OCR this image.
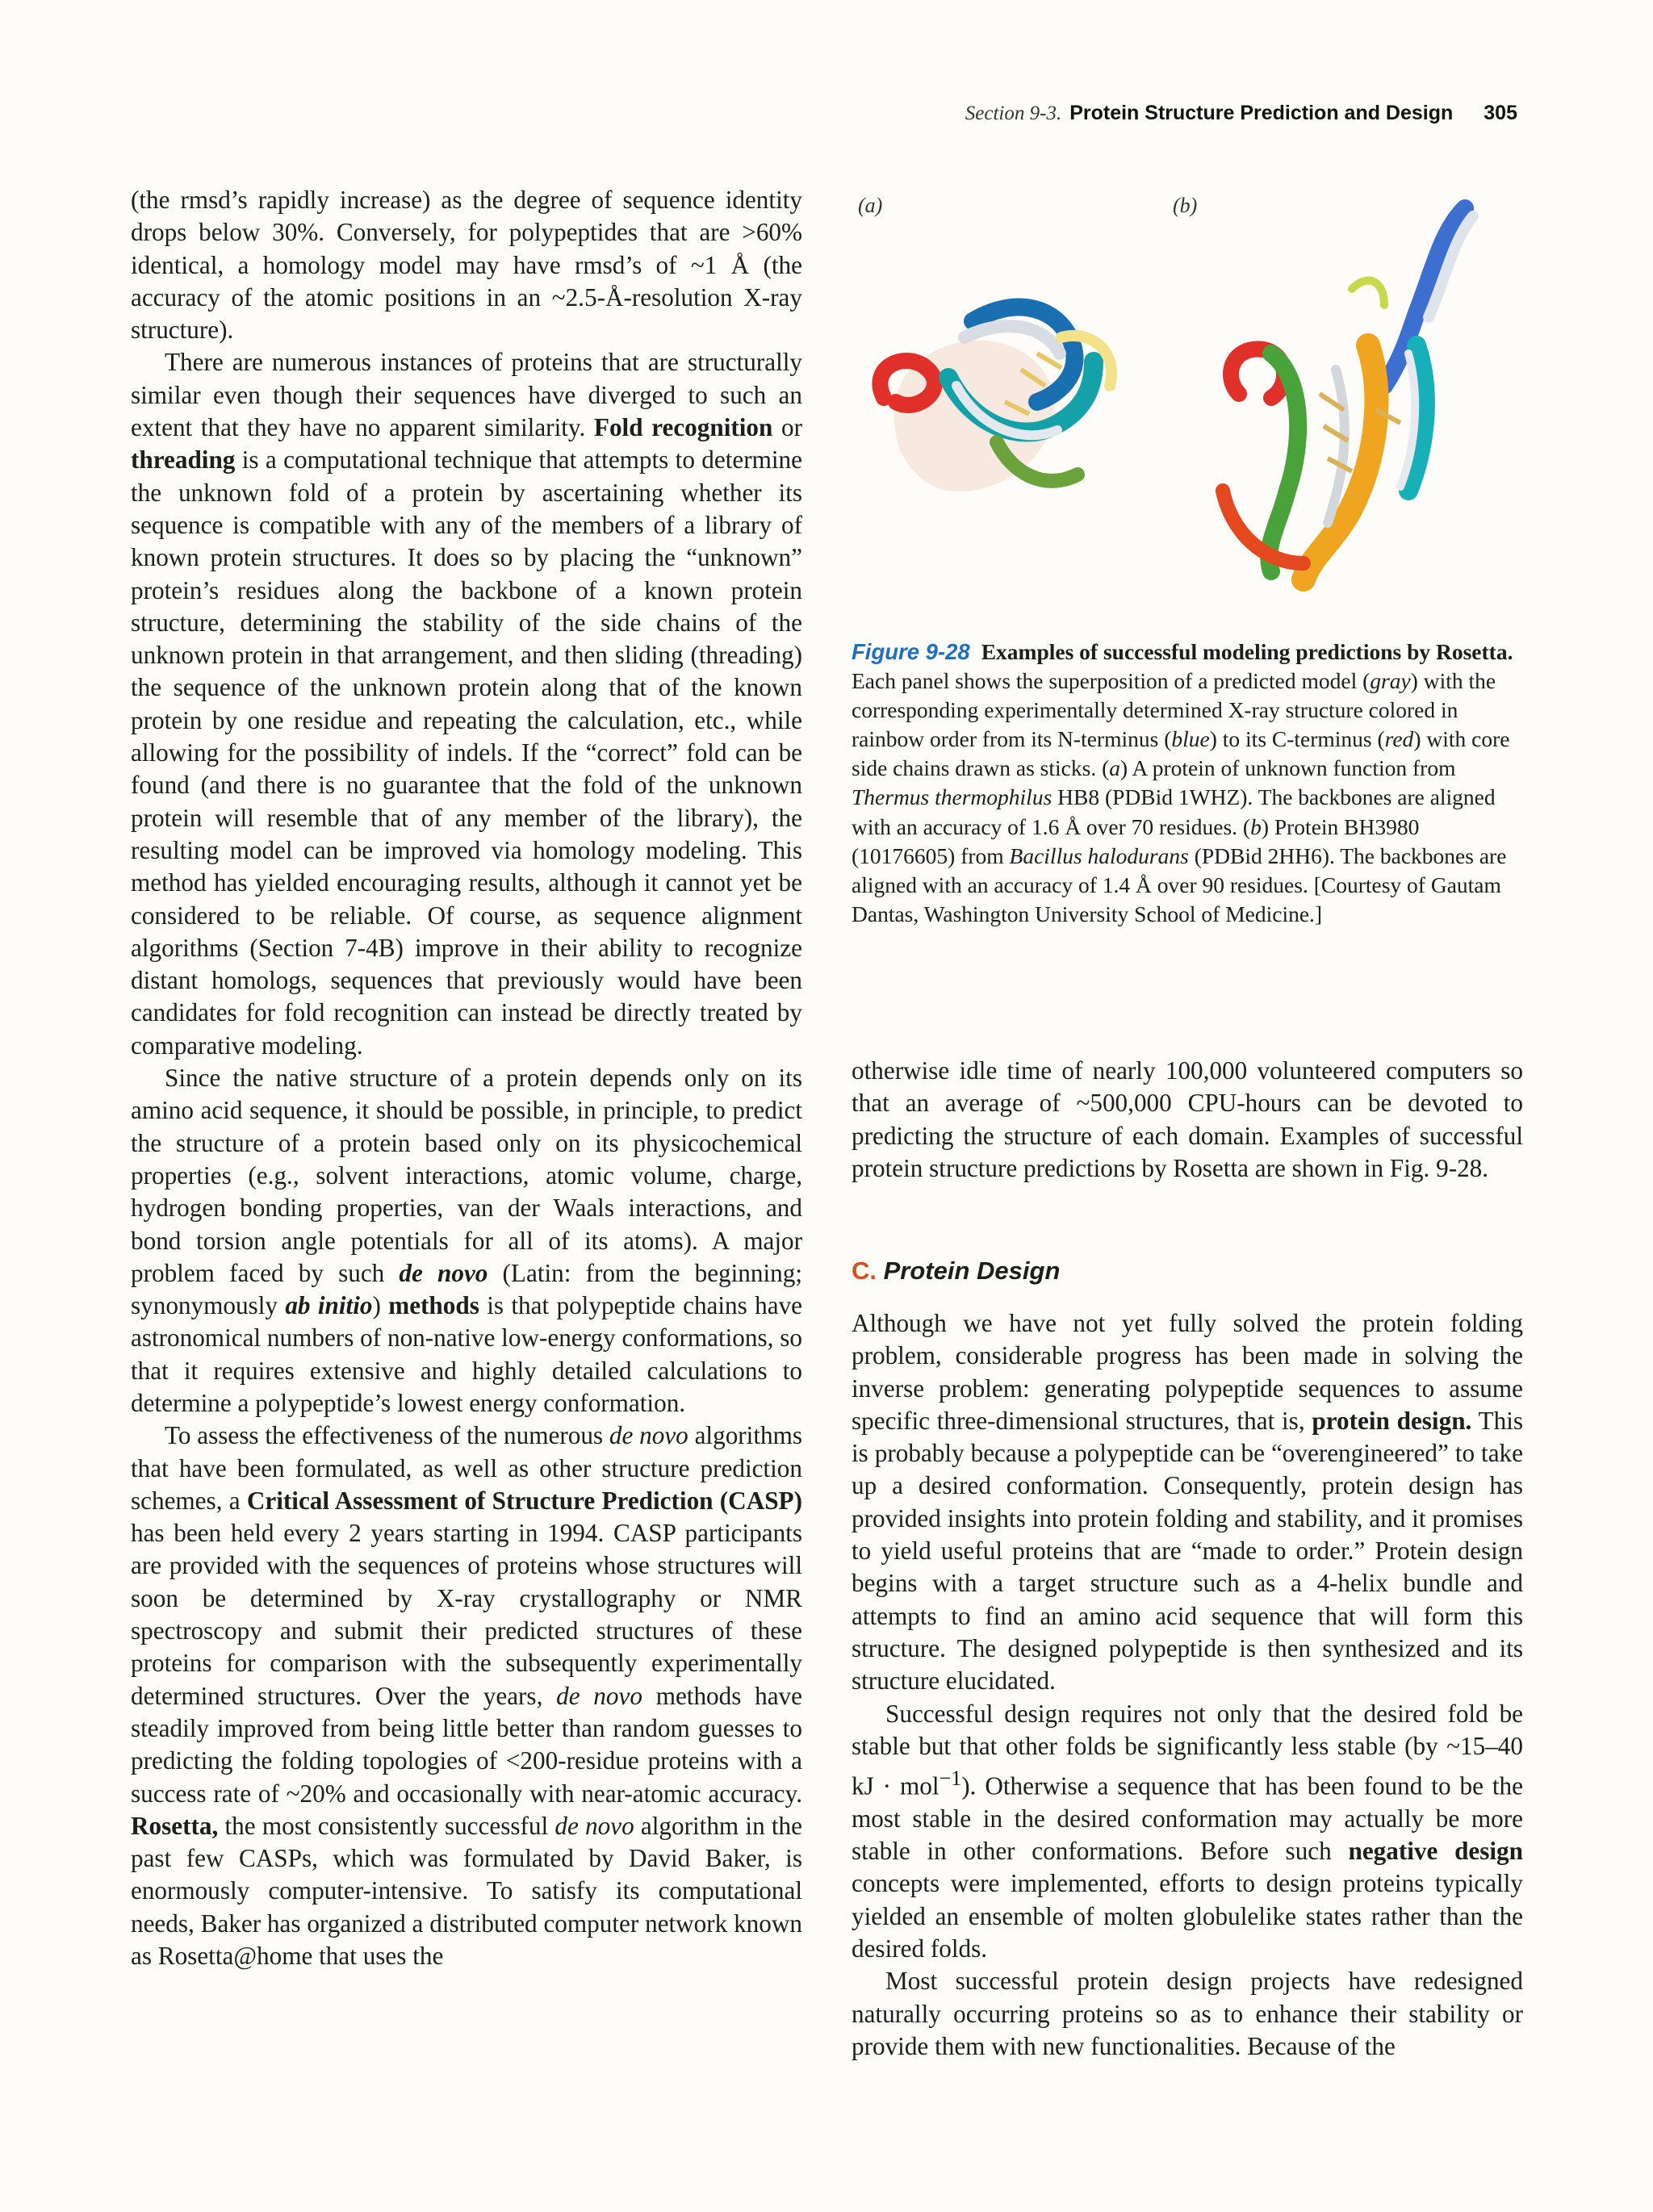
Section 9-3. Protein Structure Prediction and Design 305

(the rmsd’s rapidly increase) as the degree of sequence identity drops below 30%. Conversely, for polypeptides that are >60% identical, a homology model may have rmsd’s of ~1 Å (the accuracy of the atomic positions in an ~2.5-Å-resolution X-ray structure).

There are numerous instances of proteins that are structurally similar even though their sequences have diverged to such an extent that they have no apparent similarity. Fold recognition or threading is a computational technique that attempts to determine the unknown fold of a protein by ascertaining whether its sequence is compatible with any of the members of a library of known protein structures. It does so by placing the “unknown” protein’s residues along the backbone of a known protein structure, determining the stability of the side chains of the unknown protein in that arrangement, and then sliding (threading) the sequence of the unknown protein along that of the known protein by one residue and repeating the calculation, etc., while allowing for the possibility of indels. If the “correct” fold can be found (and there is no guarantee that the fold of the unknown protein will resemble that of any member of the library), the resulting model can be improved via homology modeling. This method has yielded encouraging results, although it cannot yet be considered to be reliable. Of course, as sequence alignment algorithms (Section 7-4B) improve in their ability to recognize distant homologs, sequences that previously would have been candidates for fold recognition can instead be directly treated by comparative modeling.

Since the native structure of a protein depends only on its amino acid sequence, it should be possible, in principle, to predict the structure of a protein based only on its physicochemical properties (e.g., solvent interactions, atomic volume, charge, hydrogen bonding properties, van der Waals interactions, and bond torsion angle potentials for all of its atoms). A major problem faced by such de novo (Latin: from the beginning; synonymously ab initio) methods is that polypeptide chains have astronomical numbers of non-native low-energy conformations, so that it requires extensive and highly detailed calculations to determine a polypeptide’s lowest energy conformation.

To assess the effectiveness of the numerous de novo algorithms that have been formulated, as well as other structure prediction schemes, a Critical Assessment of Structure Prediction (CASP) has been held every 2 years starting in 1994. CASP participants are provided with the sequences of proteins whose structures will soon be determined by X-ray crystallography or NMR spectroscopy and submit their predicted structures of these proteins for comparison with the subsequently experimentally determined structures. Over the years, de novo methods have steadily improved from being little better than random guesses to predicting the folding topologies of <200-residue proteins with a success rate of ~20% and occasionally with near-atomic accuracy. Rosetta, the most consistently successful de novo algorithm in the past few CASPs, which was formulated by David Baker, is enormously computer-intensive. To satisfy its computational needs, Baker has organized a distributed computer network known as Rosetta@home that uses the

(a)	(b)
Figure 9-28 Examples of successful modeling predictions by Rosetta. Each panel shows the superposition of a predicted model (gray) with the corresponding experimentally determined X-ray structure colored in rainbow order from its N-terminus (blue) to its C-terminus (red) with core side chains drawn as sticks. (a) A protein of unknown function from Thermus thermophilus HB8 (PDBid 1WHZ). The backbones are aligned with an accuracy of 1.6 Å over 70 residues. (b) Protein BH3980 (10176605) from Bacillus halodurans (PDBid 2HH6). The backbones are aligned with an accuracy of 1.4 Å over 90 residues. [Courtesy of Gautam Dantas, Washington University School of Medicine.]

otherwise idle time of nearly 100,000 volunteered computers so that an average of ~500,000 CPU-hours can be devoted to predicting the structure of each domain. Examples of successful protein structure predictions by Rosetta are shown in Fig. 9-28.

C. Protein Design

Although we have not yet fully solved the protein folding problem, considerable progress has been made in solving the inverse problem: generating polypeptide sequences to assume specific three-dimensional structures, that is, protein design. This is probably because a polypeptide can be “overengineered” to take up a desired conformation. Consequently, protein design has provided insights into protein folding and stability, and it promises to yield useful proteins that are “made to order.” Protein design begins with a target structure such as a 4-helix bundle and attempts to find an amino acid sequence that will form this structure. The designed polypeptide is then synthesized and its structure elucidated.

Successful design requires not only that the desired fold be stable but that other folds be significantly less stable (by ~15–40 kJ · mol$^{-1}$). Otherwise a sequence that has been found to be the most stable in the desired conformation may actually be more stable in other conformations. Before such negative design concepts were implemented, efforts to design proteins typically yielded an ensemble of molten globulelike states rather than the desired folds.

Most successful protein design projects have redesigned naturally occurring proteins so as to enhance their stability or provide them with new functionalities. Because of the
